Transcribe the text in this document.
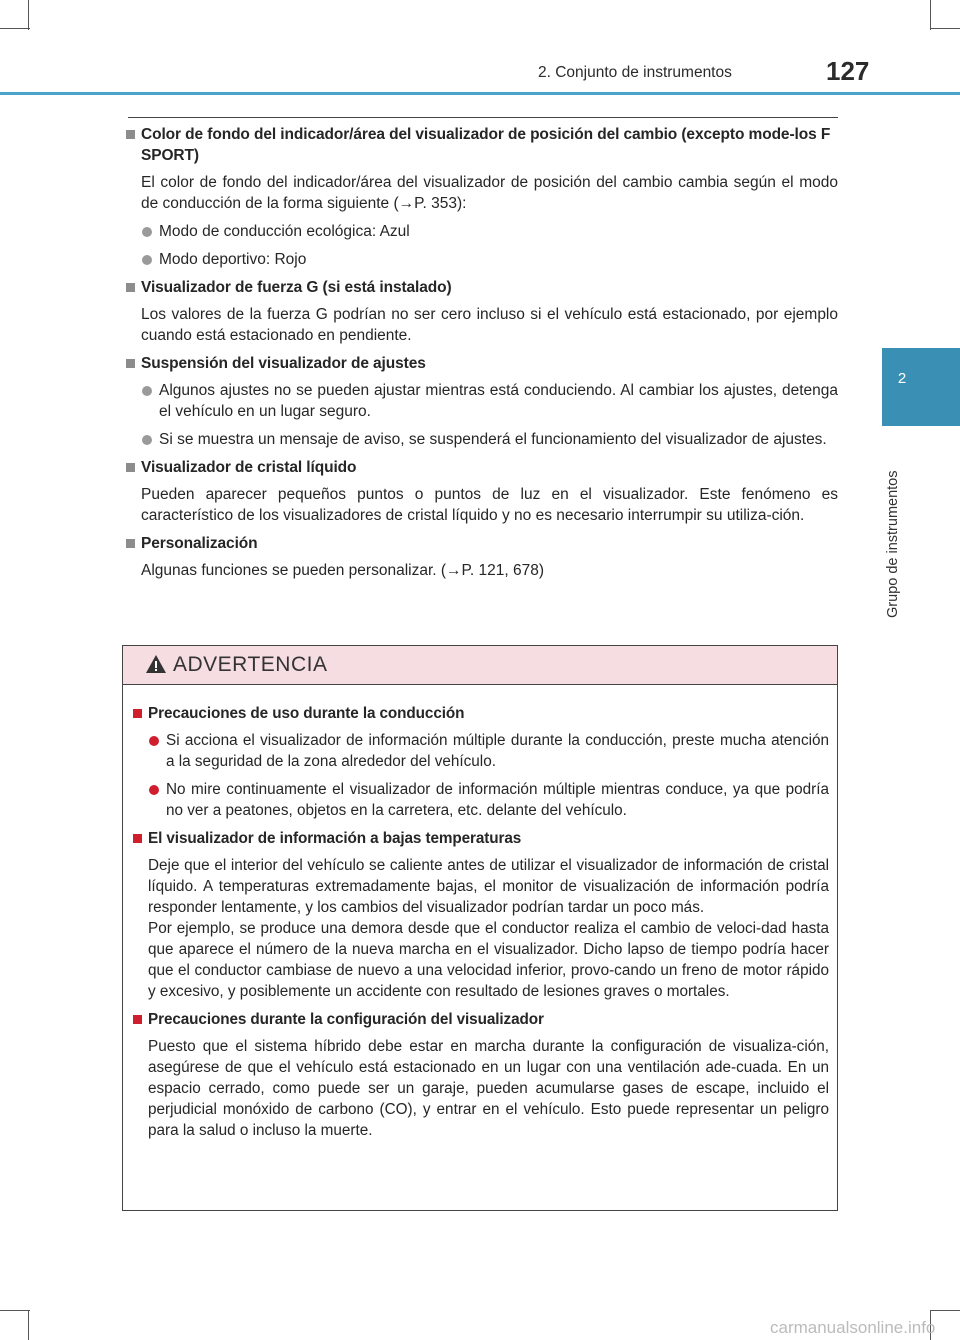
2. Conjunto de instrumentos	127
2
Grupo de instrumentos
Color de fondo del indicador/área del visualizador de posición del cambio (excepto mode-los F SPORT)
El color de fondo del indicador/área del visualizador de posición del cambio cambia según el modo de conducción de la forma siguiente (→P. 353):
Modo de conducción ecológica: Azul
Modo deportivo: Rojo
Visualizador de fuerza G (si está instalado)
Los valores de la fuerza G podrían no ser cero incluso si el vehículo está estacionado, por ejemplo cuando está estacionado en pendiente.
Suspensión del visualizador de ajustes
Algunos ajustes no se pueden ajustar mientras está conduciendo. Al cambiar los ajustes, detenga el vehículo en un lugar seguro.
Si se muestra un mensaje de aviso, se suspenderá el funcionamiento del visualizador de ajustes.
Visualizador de cristal líquido
Pueden aparecer pequeños puntos o puntos de luz en el visualizador. Este fenómeno es característico de los visualizadores de cristal líquido y no es necesario interrumpir su utiliza-ción.
Personalización
Algunas funciones se pueden personalizar. (→P. 121, 678)
ADVERTENCIA
Precauciones de uso durante la conducción
Si acciona el visualizador de información múltiple durante la conducción, preste mucha atención a la seguridad de la zona alrededor del vehículo.
No mire continuamente el visualizador de información múltiple mientras conduce, ya que podría no ver a peatones, objetos en la carretera, etc. delante del vehículo.
El visualizador de información a bajas temperaturas
Deje que el interior del vehículo se caliente antes de utilizar el visualizador de información de cristal líquido. A temperaturas extremadamente bajas, el monitor de visualización de información podría responder lentamente, y los cambios del visualizador podrían tardar un poco más.
Por ejemplo, se produce una demora desde que el conductor realiza el cambio de veloci-dad hasta que aparece el número de la nueva marcha en el visualizador. Dicho lapso de tiempo podría hacer que el conductor cambiase de nuevo a una velocidad inferior, provo-cando un freno de motor rápido y excesivo, y posiblemente un accidente con resultado de lesiones graves o mortales.
Precauciones durante la configuración del visualizador
Puesto que el sistema híbrido debe estar en marcha durante la configuración de visualiza-ción, asegúrese de que el vehículo está estacionado en un lugar con una ventilación ade-cuada. En un espacio cerrado, como puede ser un garaje, pueden acumularse gases de escape, incluido el perjudicial monóxido de carbono (CO), y entrar en el vehículo. Esto puede representar un peligro para la salud o incluso la muerte.
carmanualsonline.info
